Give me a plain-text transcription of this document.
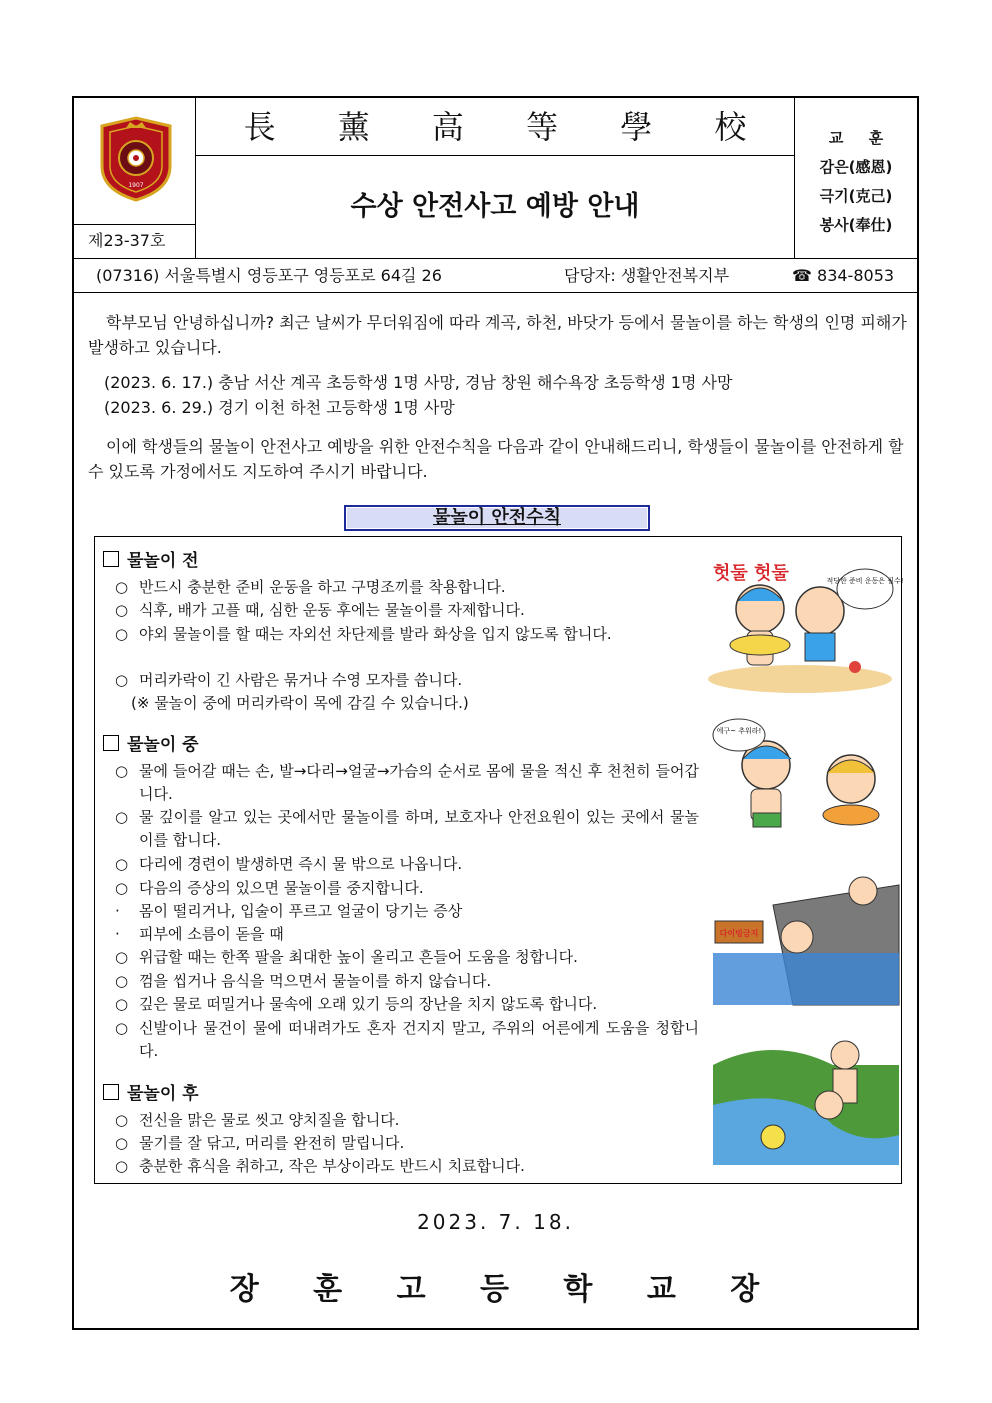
1907
제23-37호
長 薰 高 等 學 校
수상 안전사고 예방 안내
교 훈
감은(感恩)
극기(克己)
봉사(奉仕)
(07316) 서울특별시 영등포구 영등포로 64길 26	담당자: 생활안전복지부	☎ 834-8053
학부모님 안녕하십니까? 최근 날씨가 무더워짐에 따라 계곡, 하천, 바닷가 등에서 물놀이를 하는 학생의 인명 피해가 발생하고 있습니다.
(2023. 6. 17.) 충남 서산 계곡 초등학생 1명 사망, 경남 창원 해수욕장 초등학생 1명 사망
(2023. 6. 29.) 경기 이천 하천 고등학생 1명 사망
이에 학생들의 물놀이 안전사고 예방을 위한 안전수칙을 다음과 같이 안내해드리니, 학생들이 물놀이를 안전하게 할 수 있도록 가정에서도 지도하여 주시기 바랍니다.
물놀이 안전수칙
물놀이 전
○ 반드시 충분한 준비 운동을 하고 구명조끼를 착용합니다.
○ 식후, 배가 고플 때, 심한 운동 후에는 물놀이를 자제합니다.
○ 야외 물놀이를 할 때는 자외선 차단제를 발라 화상을 입지 않도록 합니다.
○ 머리카락이 긴 사람은 묶거나 수영 모자를 씁니다.
(※ 물놀이 중에 머리카락이 목에 감길 수 있습니다.)
물놀이 중
○ 물에 들어갈 때는 손, 발→다리→얼굴→가슴의 순서로 몸에 물을 적신 후 천천히 들어갑니다.
○ 물 깊이를 알고 있는 곳에서만 물놀이를 하며, 보호자나 안전요원이 있는 곳에서 물놀이를 합니다.
○ 다리에 경련이 발생하면 즉시 물 밖으로 나옵니다.
○ 다음의 증상의 있으면 물놀이를 중지합니다.
· 몸이 떨리거나, 입술이 푸르고 얼굴이 당기는 증상
· 피부에 소름이 돋을 때
○ 위급할 때는 한쪽 팔을 최대한 높이 올리고 흔들어 도움을 청합니다.
○ 껌을 씹거나 음식을 먹으면서 물놀이를 하지 않습니다.
○ 깊은 물로 떠밀거나 물속에 오래 있기 등의 장난을 치지 않도록 합니다.
○ 신발이나 물건이 물에 떠내려가도 혼자 건지지 말고, 주위의 어른에게 도움을 청합니다.
물놀이 후
○ 전신을 맑은 물로 씻고 양치질을 합니다.
○ 물기를 잘 닦고, 머리를 완전히 말립니다.
○ 충분한 휴식을 취하고, 작은 부상이라도 반드시 치료합니다.
적당한 준비 운동은 필수!
헛둘 헛둘
에구~ 추워라!
다이빙금지
2023. 7. 18.
장 훈 고 등 학 교 장
